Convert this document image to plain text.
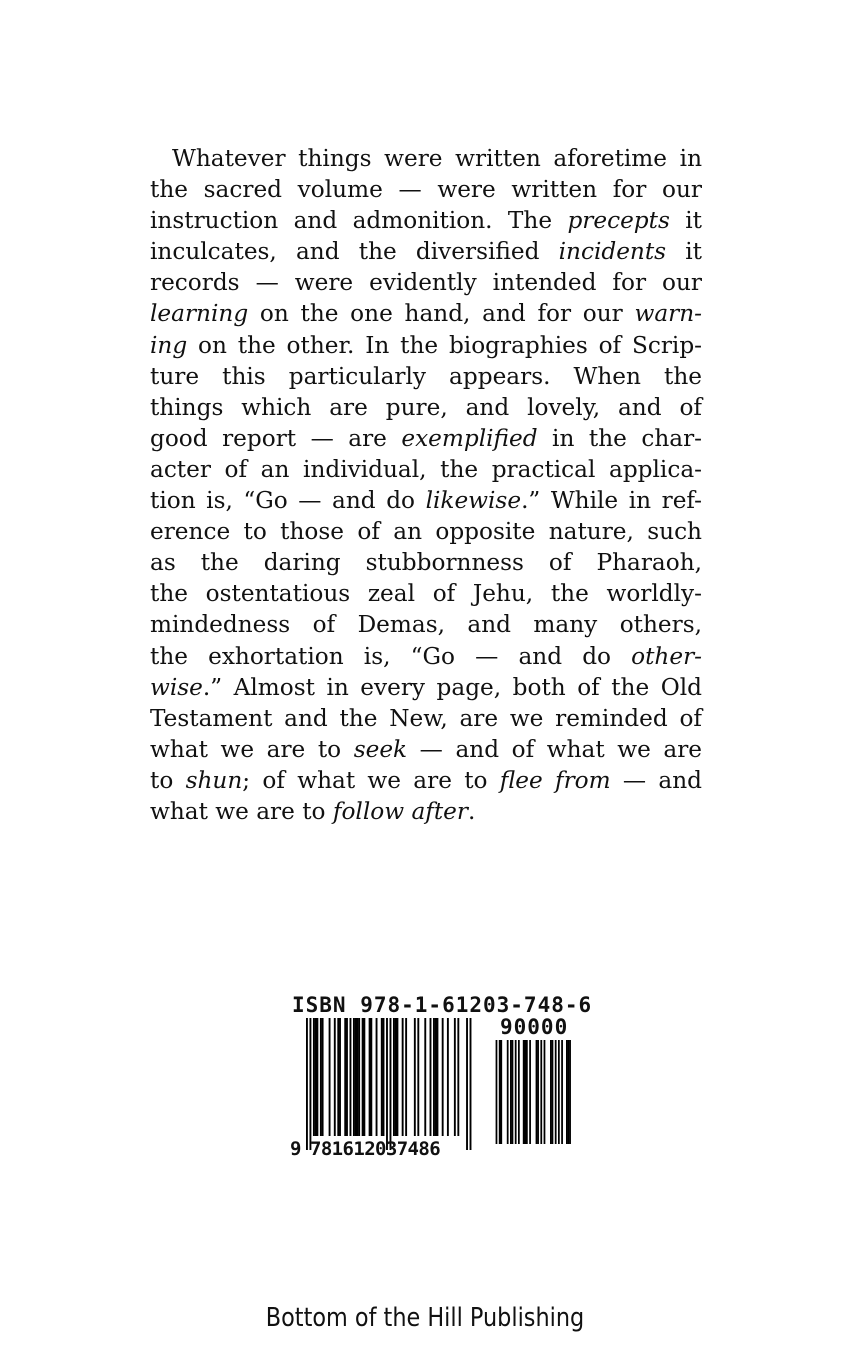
Whatever things were written aforetime in
the sacred volume — were written for our
instruction and admonition. The precepts it
inculcates, and the diversified incidents it
records — were evidently intended for our
learning on the one hand, and for our warn-
ing on the other. In the biographies of Scrip-
ture this particularly appears. When the
things which are pure, and lovely, and of
good report — are exemplified in the char-
acter of an individual, the practical applica-
tion is, “Go — and do likewise.” While in ref-
erence to those of an opposite nature, such
as the daring stubbornness of Pharaoh,
the ostentatious zeal of Jehu, the worldly-
mindedness of Demas, and many others,
the exhortation is, “Go — and do other-
wise.” Almost in every page, both of the Old
Testament and the New, are we reminded of
what we are to seek — and of what we are
to shun; of what we are to flee from — and
what we are to follow after.
ISBN 978-1-61203-748-6
90000
9 781612037486
Bottom of the Hill Publishing
